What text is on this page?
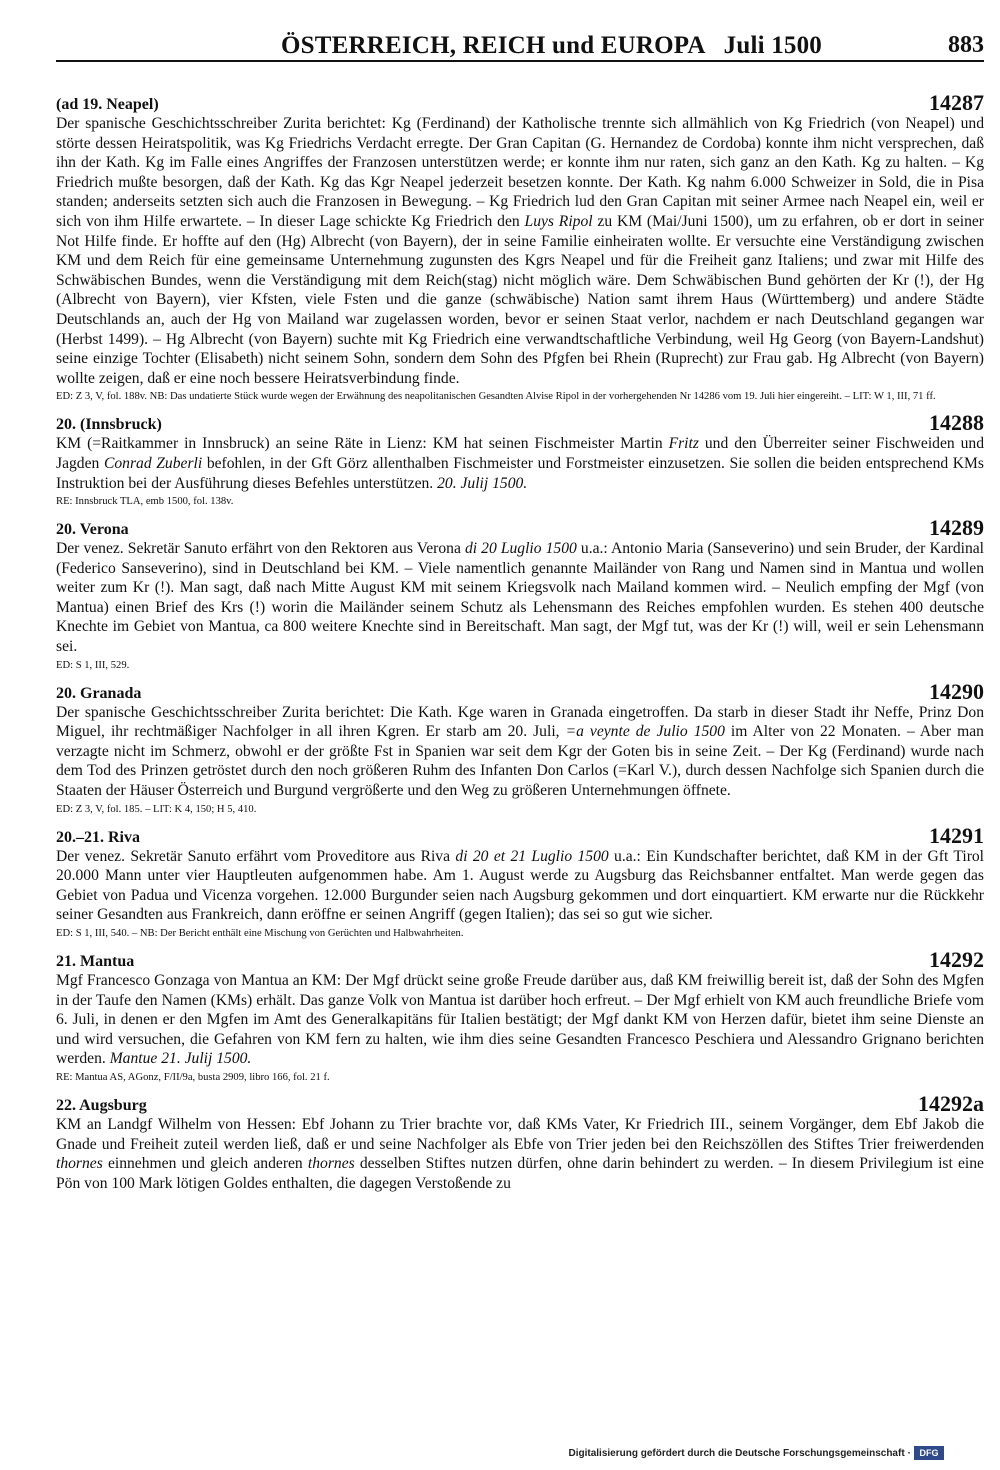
ÖSTERREICH, REICH und EUROPA   Juli 1500	883
(ad 19. Neapel)	14287

Der spanische Geschichtsschreiber Zurita berichtet: Kg (Ferdinand) der Katholische trennte sich allmählich von Kg Friedrich (von Neapel) und störte dessen Heiratspolitik, was Kg Friedrichs Verdacht erregte. Der Gran Capitan (G. Hernandez de Cordoba) konnte ihm nicht versprechen, daß ihn der Kath. Kg im Falle eines Angriffes der Franzosen unterstützen werde; er konnte ihm nur raten, sich ganz an den Kath. Kg zu halten. – Kg Friedrich mußte besorgen, daß der Kath. Kg das Kgr Neapel jederzeit besetzen konnte. Der Kath. Kg nahm 6.000 Schweizer in Sold, die in Pisa standen; anderseits setzten sich auch die Franzosen in Bewegung. – Kg Friedrich lud den Gran Capitan mit seiner Armee nach Neapel ein, weil er sich von ihm Hilfe erwartete. – In dieser Lage schickte Kg Friedrich den Luys Ripol zu KM (Mai/Juni 1500), um zu erfahren, ob er dort in seiner Not Hilfe finde. Er hoffte auf den (Hg) Albrecht (von Bayern), der in seine Familie einheiraten wollte. Er versuchte eine Verständigung zwischen KM und dem Reich für eine gemeinsame Unternehmung zugunsten des Kgrs Neapel und für die Freiheit ganz Italiens; und zwar mit Hilfe des Schwäbischen Bundes, wenn die Verständigung mit dem Reich(stag) nicht möglich wäre. Dem Schwäbischen Bund gehörten der Kr (!), der Hg (Albrecht von Bayern), vier Kfsten, viele Fsten und die ganze (schwäbische) Nation samt ihrem Haus (Württemberg) und andere Städte Deutschlands an, auch der Hg von Mailand war zugelassen worden, bevor er seinen Staat verlor, nachdem er nach Deutschland gegangen war (Herbst 1499). – Hg Albrecht (von Bayern) suchte mit Kg Friedrich eine verwandtschaftliche Verbindung, weil Hg Georg (von Bayern-Landshut) seine einzige Tochter (Elisabeth) nicht seinem Sohn, sondern dem Sohn des Pfgfen bei Rhein (Ruprecht) zur Frau gab. Hg Albrecht (von Bayern) wollte zeigen, daß er eine noch bessere Heiratsverbindung finde.

ED: Z 3, V, fol. 188v. NB: Das undatierte Stück wurde wegen der Erwähnung des neapolitanischen Gesandten Alvise Ripol in der vorhergehenden Nr 14286 vom 19. Juli hier eingereiht. – LIT: W 1, III, 71 ff.
20. (Innsbruck)	14288

KM (=Raitkammer in Innsbruck) an seine Räte in Lienz: KM hat seinen Fischmeister Martin Fritz und den Überreiter seiner Fischweiden und Jagden Conrad Zuberli befohlen, in der Gft Görz allenthalben Fischmeister und Forstmeister einzusetzen. Sie sollen die beiden entsprechend KMs Instruktion bei der Ausführung dieses Befehles unterstützen. 20. Julij 1500.

RE: Innsbruck TLA, emb 1500, fol. 138v.
20. Verona	14289

Der venez. Sekretär Sanuto erfährt von den Rektoren aus Verona di 20 Luglio 1500 u.a.: Antonio Maria (Sanseverino) und sein Bruder, der Kardinal (Federico Sanseverino), sind in Deutschland bei KM. – Viele namentlich genannte Mailänder von Rang und Namen sind in Mantua und wollen weiter zum Kr (!). Man sagt, daß nach Mitte August KM mit seinem Kriegsvolk nach Mailand kommen wird. – Neulich empfing der Mgf (von Mantua) einen Brief des Krs (!) worin die Mailänder seinem Schutz als Lehensmann des Reiches empfohlen wurden. Es stehen 400 deutsche Knechte im Gebiet von Mantua, ca 800 weitere Knechte sind in Bereitschaft. Man sagt, der Mgf tut, was der Kr (!) will, weil er sein Lehensmann sei.

ED: S 1, III, 529.
20. Granada	14290

Der spanische Geschichtsschreiber Zurita berichtet: Die Kath. Kge waren in Granada eingetroffen. Da starb in dieser Stadt ihr Neffe, Prinz Don Miguel, ihr rechtmäßiger Nachfolger in all ihren Kgren. Er starb am 20. Juli, =a veynte de Julio 1500 im Alter von 22 Monaten. – Aber man verzagte nicht im Schmerz, obwohl er der größte Fst in Spanien war seit dem Kgr der Goten bis in seine Zeit. – Der Kg (Ferdinand) wurde nach dem Tod des Prinzen getröstet durch den noch größeren Ruhm des Infanten Don Carlos (=Karl V.), durch dessen Nachfolge sich Spanien durch die Staaten der Häuser Österreich und Burgund vergrößerte und den Weg zu größeren Unternehmungen öffnete.

ED: Z 3, V, fol. 185. – LIT: K 4, 150; H 5, 410.
20.–21. Riva	14291

Der venez. Sekretär Sanuto erfährt vom Proveditore aus Riva di 20 et 21 Luglio 1500 u.a.: Ein Kundschafter berichtet, daß KM in der Gft Tirol 20.000 Mann unter vier Hauptleuten aufgenommen habe. Am 1. August werde zu Augsburg das Reichsbanner entfaltet. Man werde gegen das Gebiet von Padua und Vicenza vorgehen. 12.000 Burgunder seien nach Augsburg gekommen und dort einquartiert. KM erwarte nur die Rückkehr seiner Gesandten aus Frankreich, dann eröffne er seinen Angriff (gegen Italien); das sei so gut wie sicher.

ED: S 1, III, 540. – NB: Der Bericht enthält eine Mischung von Gerüchten und Halbwahrheiten.
21. Mantua	14292

Mgf Francesco Gonzaga von Mantua an KM: Der Mgf drückt seine große Freude darüber aus, daß KM freiwillig bereit ist, daß der Sohn des Mgfen in der Taufe den Namen (KMs) erhält. Das ganze Volk von Mantua ist darüber hoch erfreut. – Der Mgf erhielt von KM auch freundliche Briefe vom 6. Juli, in denen er den Mgfen im Amt des Generalkapitäns für Italien bestätigt; der Mgf dankt KM von Herzen dafür, bietet ihm seine Dienste an und wird versuchen, die Gefahren von KM fern zu halten, wie ihm dies seine Gesandten Francesco Peschiera und Alessandro Grignano berichten werden. Mantue 21. Julij 1500.

RE: Mantua AS, AGonz, F/II/9a, busta 2909, libro 166, fol. 21 f.
22. Augsburg	14292a

KM an Landgf Wilhelm von Hessen: Ebf Johann zu Trier brachte vor, daß KMs Vater, Kr Friedrich III., seinem Vorgänger, dem Ebf Jakob die Gnade und Freiheit zuteil werden ließ, daß er und seine Nachfolger als Ebfe von Trier jeden bei den Reichszöllen des Stiftes Trier freiwerdenden thornes einnehmen und gleich anderen thornes desselben Stiftes nutzen dürfen, ohne darin behindert zu werden. – In diesem Privilegium ist eine Pön von 100 Mark lötigen Goldes enthalten, die dagegen Verstoßende zu

Digitalisierung gefördert durch die Deutsche Forschungsgemeinschaft · DFG
